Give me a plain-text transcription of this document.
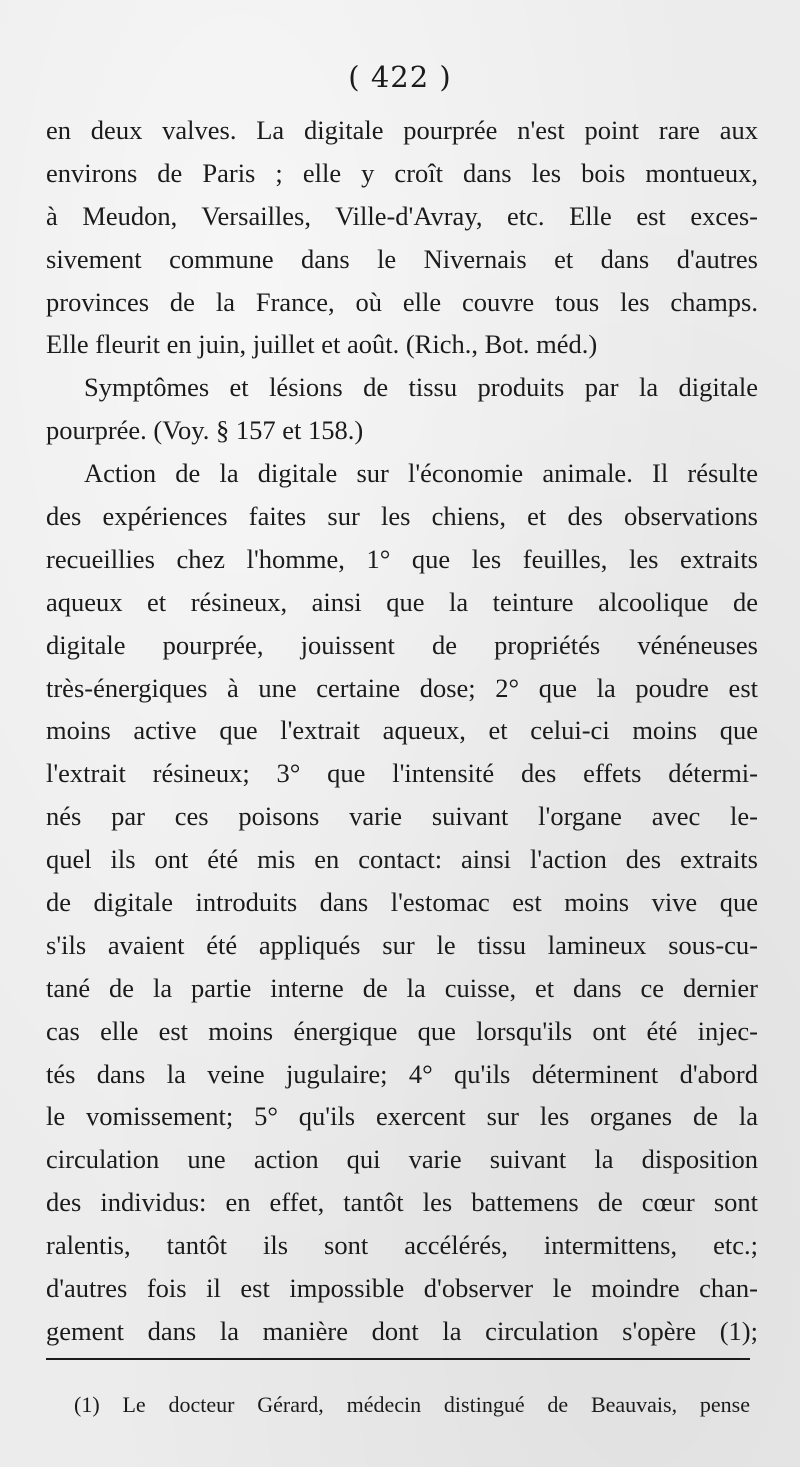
( 422 )
en deux valves. La digitale pourprée n'est point rare aux
environs de Paris ; elle y croît dans les bois montueux,
à Meudon, Versailles, Ville-d'Avray, etc. Elle est exces-
sivement commune dans le Nivernais et dans d'autres
provinces de la France, où elle couvre tous les champs.
Elle fleurit en juin, juillet et août. (Rich., Bot. méd.)
Symptômes et lésions de tissu produits par la digitale
pourprée. (Voy. § 157 et 158.)
Action de la digitale sur l'économie animale. Il résulte
des expériences faites sur les chiens, et des observations
recueillies chez l'homme, 1° que les feuilles, les extraits
aqueux et résineux, ainsi que la teinture alcoolique de
digitale pourprée, jouissent de propriétés vénéneuses
très-énergiques à une certaine dose; 2° que la poudre est
moins active que l'extrait aqueux, et celui-ci moins que
l'extrait résineux; 3° que l'intensité des effets détermi-
nés par ces poisons varie suivant l'organe avec le-
quel ils ont été mis en contact: ainsi l'action des extraits
de digitale introduits dans l'estomac est moins vive que
s'ils avaient été appliqués sur le tissu lamineux sous-cu-
tané de la partie interne de la cuisse, et dans ce dernier
cas elle est moins énergique que lorsqu'ils ont été injec-
tés dans la veine jugulaire; 4° qu'ils déterminent d'abord
le vomissement; 5° qu'ils exercent sur les organes de la
circulation une action qui varie suivant la disposition
des individus: en effet, tantôt les battemens de cœur sont
ralentis, tantôt ils sont accélérés, intermittens, etc.;
d'autres fois il est impossible d'observer le moindre chan-
gement dans la manière dont la circulation s'opère (1);
(1) Le docteur Gérard, médecin distingué de Beauvais, pense
